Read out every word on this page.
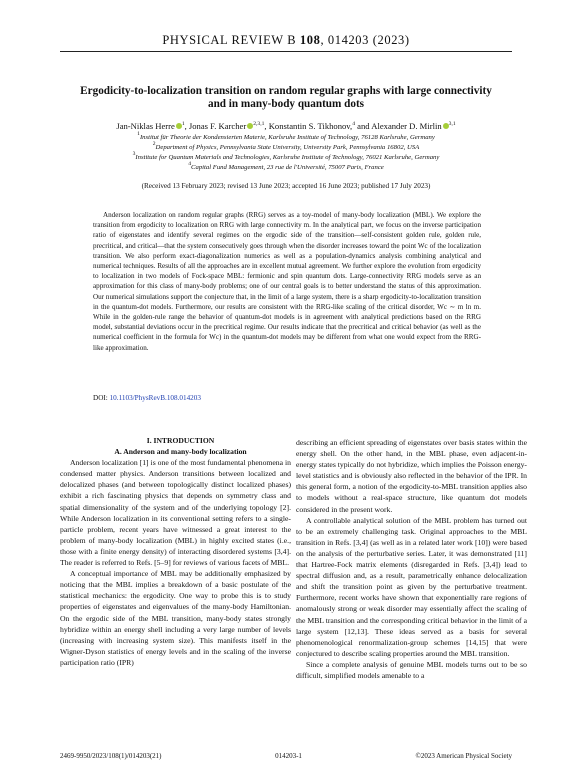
PHYSICAL REVIEW B 108, 014203 (2023)
Ergodicity-to-localization transition on random regular graphs with large connectivity
and in many-body quantum dots
Jan-Niklas Herre $^1$, Jonas F. Karcher $^{2,3,1}$, Konstantin S. Tikhonov,$^4$ and Alexander D. Mirlin $^{3,1}$
$^1$Institut für Theorie der Kondensierten Materie, Karlsruhe Institute of Technology, 76128 Karlsruhe, Germany
$^2$Department of Physics, Pennsylvania State University, University Park, Pennsylvania 16802, USA
$^3$Institute for Quantum Materials and Technologies, Karlsruhe Institute of Technology, 76021 Karlsruhe, Germany
$^4$Capital Fund Management, 23 rue de l'Université, 75007 Paris, France
(Received 13 February 2023; revised 13 June 2023; accepted 16 June 2023; published 17 July 2023)

Anderson localization on random regular graphs (RRG) serves as a toy-model of many-body localization (MBL). We explore the transition from ergodicity to localization on RRG with large connectivity m. In the analytical part, we focus on the inverse participation ratio of eigenstates and identify several regimes on the ergodic side of the transition—self-consistent golden rule, golden rule, precritical, and critical—that the system consecutively goes through when the disorder increases toward the point Wc of the localization transition. We also perform exact-diagonalization numerics as well as a population-dynamics analysis combining analytical and numerical techniques. Results of all the approaches are in excellent mutual agreement. We further explore the evolution from ergodicity to localization in two models of Fock-space MBL: fermionic and spin quantum dots. Large-connectivity RRG models serve as an approximation for this class of many-body problems; one of our central goals is to better understand the status of this approximation. Our numerical simulations support the conjecture that, in the limit of a large system, there is a sharp ergodicity-to-localization transition in the quantum-dot models. Furthermore, our results are consistent with the RRG-like scaling of the critical disorder, Wc ∼ m ln m. While in the golden-rule range the behavior of quantum-dot models is in agreement with analytical predictions based on the RRG model, substantial deviations occur in the precritical regime. Our results indicate that the precritical and critical behavior (as well as the numerical coefficient in the formula for Wc) in the quantum-dot models may be different from what one would expect from the RRG-like approximation.

DOI: 10.1103/PhysRevB.108.014203

I. INTRODUCTION

A. Anderson and many-body localization

Anderson localization [1] is one of the most fundamental phenomena in condensed matter physics. Anderson transitions between localized and delocalized phases (and between topologically distinct localized phases) exhibit a rich fascinating physics that depends on symmetry class and spatial dimensionality of the system and of the underlying topology [2]. While Anderson localization in its conventional setting refers to a single-particle problem, recent years have witnessed a great interest to the problem of many-body localization (MBL) in highly excited states (i.e., those with a finite energy density) of interacting disordered systems [3,4]. The reader is referred to Refs. [5–9] for reviews of various facets of MBL.

A conceptual importance of MBL may be additionally emphasized by noticing that the MBL implies a breakdown of a basic postulate of the statistical mechanics: the ergodicity. One way to probe this is to study properties of eigenstates and eigenvalues of the many-body Hamiltonian. On the ergodic side of the MBL transition, many-body states strongly hybridize within an energy shell including a very large number of levels (increasing with increasing system size). This manifests itself in the Wigner-Dyson statistics of energy levels and in the scaling of the inverse participation ratio (IPR)

describing an efficient spreading of eigenstates over basis states within the energy shell. On the other hand, in the MBL phase, even adjacent-in-energy states typically do not hybridize, which implies the Poisson energy-level statistics and is obviously also reflected in the behavior of the IPR. In this general form, a notion of the ergodicity-to-MBL transition applies also to models without a real-space structure, like quantum dot models considered in the present work.

A controllable analytical solution of the MBL problem has turned out to be an extremely challenging task. Original approaches to the MBL transition in Refs. [3,4] (as well as in a related later work [10]) were based on the analysis of the perturbative series. Later, it was demonstrated [11] that Hartree-Fock matrix elements (disregarded in Refs. [3,4]) lead to spectral diffusion and, as a result, parametrically enhance delocalization and shift the transition point as given by the perturbative treatment. Furthermore, recent works have shown that exponentially rare regions of anomalously strong or weak disorder may essentially affect the scaling of the MBL transition and the corresponding critical behavior in the limit of a large system [12,13]. These ideas served as a basis for several phenomenological renormalization-group schemes [14,15] that were conjectured to describe scaling properties around the MBL transition.

Since a complete analysis of genuine MBL models turns out to be so difficult, simplified models amenable to a

2469-9950/2023/108(1)/014203(21)	014203-1	©2023 American Physical Society
